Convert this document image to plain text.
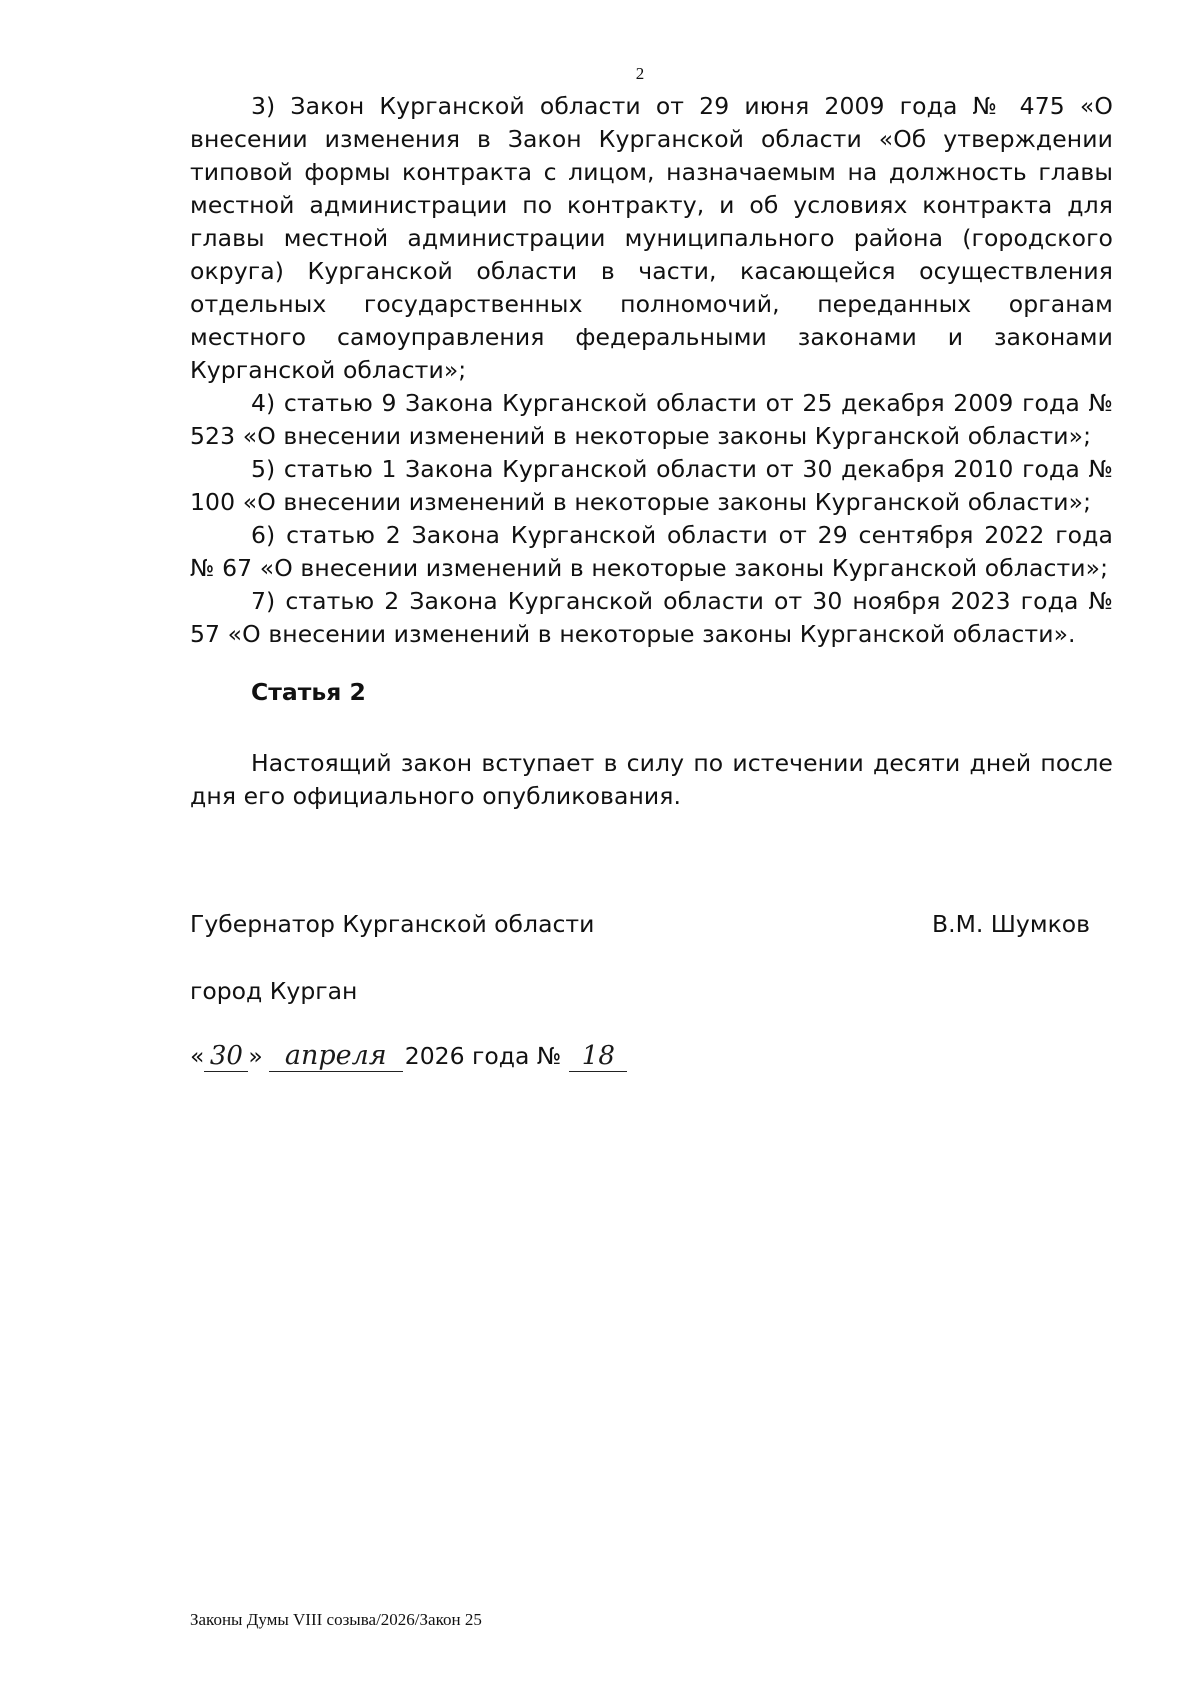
2

3) Закон Курганской области от 29 июня 2009 года № 475 «О внесении изменения в Закон Курганской области «Об утверждении типовой формы контракта с лицом, назначаемым на должность главы местной администрации по контракту, и об условиях контракта для главы местной администрации муниципального района (городского округа) Курганской области в части, касающейся осуществления отдельных государственных полномочий, переданных органам местного самоуправления федеральными законами и законами Курганской области»;

4) статью 9 Закона Курганской области от 25 декабря 2009 года № 523 «О внесении изменений в некоторые законы Курганской области»;

5) статью 1 Закона Курганской области от 30 декабря 2010 года № 100 «О внесении изменений в некоторые законы Курганской области»;

6) статью 2 Закона Курганской области от 29 сентября 2022 года № 67 «О внесении изменений в некоторые законы Курганской области»;

7) статью 2 Закона Курганской области от 30 ноября 2023 года № 57 «О внесении изменений в некоторые законы Курганской области».

Статья 2

Настоящий закон вступает в силу по истечении десяти дней после дня его официального опубликования.

Губернатор Курганской области	В.М. Шумков
город Курган
« 30 » апреля 2026 года № 18
Законы Думы VIII созыва/2026/Закон 25
